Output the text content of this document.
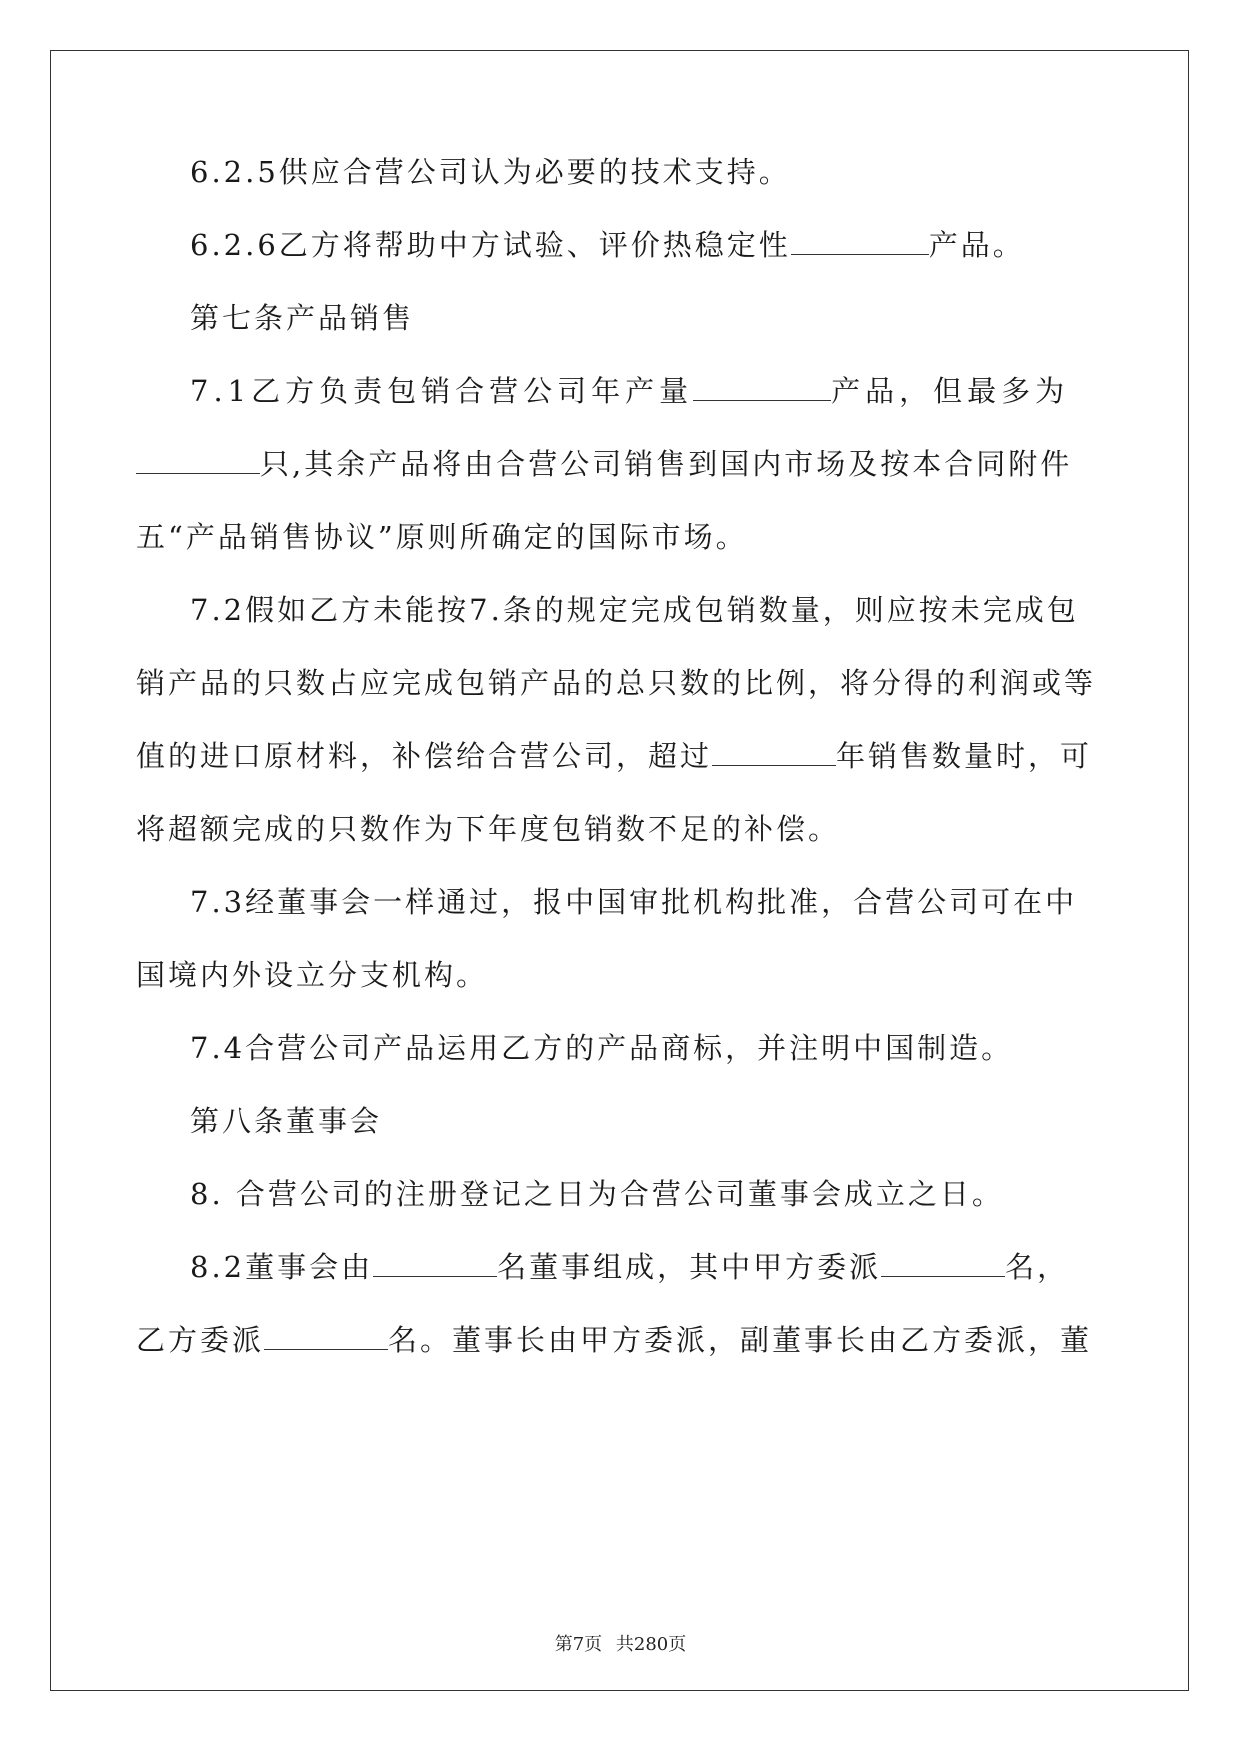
6.2.5供应合营公司认为必要的技术支持。

6.2.6乙方将帮助中方试验、评价热稳定性	产品。

第七条产品销售

7.1乙方负责包销合营公司年产量	产品，但最多为

只,其余产品将由合营公司销售到国内市场及按本合同附件

五“产品销售协议”原则所确定的国际市场。

7.2假如乙方未能按7.条的规定完成包销数量，则应按未完成包

销产品的只数占应完成包销产品的总只数的比例，将分得的利润或等

值的进口原材料，补偿给合营公司，超过	年销售数量时，可

将超额完成的只数作为下年度包销数不足的补偿。

7.3经董事会一样通过，报中国审批机构批准，合营公司可在中

国境内外设立分支机构。

7.4合营公司产品运用乙方的产品商标，并注明中国制造。

第八条董事会

8. 合营公司的注册登记之日为合营公司董事会成立之日。

8.2董事会由	名董事组成，其中甲方委派	名，

乙方委派	名。董事长由甲方委派，副董事长由乙方委派，董

第7页 共280页
